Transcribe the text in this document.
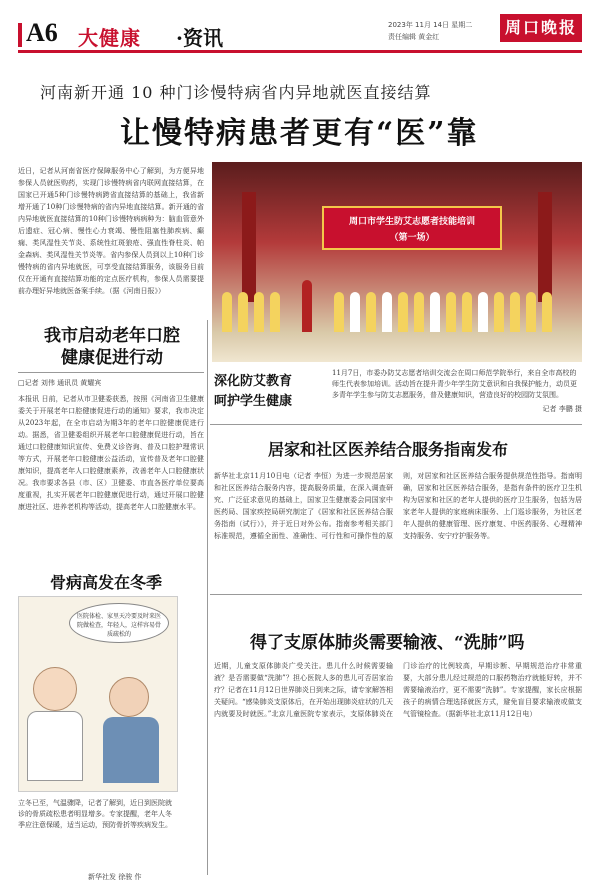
A6 大健康 ·资讯
2023年 11月 14日 星期二
责任编辑 黄金红	周口晚报
河南新开通 10 种门诊慢特病省内异地就医直接结算
让慢特病患者更有“医”靠
近日，记者从河南省医疗保障服务中心了解到，为方便异地参保人员就医购药，实现门诊慢特病省内联网直接结算，在国家已开通5种门诊慢特病跨省直接结算的基础上，我省新增开通了10种门诊慢特病的省内异地直接结算。新开通的省内异地就医直接结算的10种门诊慢特病病种为：脑血管意外后遗症、冠心病、慢性心力衰竭、慢性阻塞性肺疾病、癫痫、类风湿性关节炎、系统性红斑狼疮、强直性脊柱炎、帕金森病、类风湿性关节炎等。省内参保人员到以上10种门诊慢特病的省内异地就医，可享受直接结算服务，该服务目前仅在开通有直接结算功能的定点医疗机构，参保人员需要提前办理好异地就医备案手续。（据《河南日报》）
周口市学生防艾志愿者技能培训
（第一场）
深化防艾教育
呵护学生健康
11月7日，市委办防艾志愿者培训交流会在周口师范学院举行，来自全市高校的师生代表参加培训。活动旨在提升青少年学生防艾意识和自我保护能力，动员更多青年学生参与防艾志愿服务，普及健康知识，营造良好的校园防艾氛围。
记者 李鹏 摄
我市启动老年口腔
健康促进行动
□记者 刘伟 通讯员 黄耀宾
本报讯 日前，记者从市卫健委获悉，按照《河南省卫生健康委关于开展老年口腔健康促进行动的通知》要求，我市决定从2023年起，在全市启动为期3年的老年口腔健康促进行动。据悉，省卫健委组织开展老年口腔健康促进行动，旨在通过口腔健康知识宣传、免费义诊咨询、普及口腔护理常识等方式，开展老年口腔健康公益活动，宣传普及老年口腔健康知识，提高老年人口腔健康素养，改善老年人口腔健康状况。我市要求各县（市、区）卫健委、市直各医疗单位要高度重视，扎实开展老年口腔健康促进行动，通过开展口腔健康进社区、进养老机构等活动，提高老年人口腔健康水平。
居家和社区医养结合服务指南发布
新华社北京11月10日电（记者 李恒）为进一步规范居家和社区医养结合服务内容，提高服务质量，在深入调查研究、广泛征求意见的基础上，国家卫生健康委会同国家中医药局、国家疾控局研究制定了《居家和社区医养结合服务指南（试行）》，并于近日对外公布。指南参考相关部门标准规范，遵循全面性、准确性、可行性和可操作性的原则，对居家和社区医养结合服务提供规范性指导。指南明确，居家和社区医养结合服务，是指有条件的医疗卫生机构为居家和社区的老年人提供的医疗卫生服务，包括为居家老年人提供的家庭病床服务、上门巡诊服务，为社区老年人提供的健康管理、医疗康复、中医药服务、心理精神支持服务、安宁疗护服务等。
骨病高发在冬季
医院体检、家里天冷要及时来医院做检查，年轻人，这样容易骨质疏松的
立冬已至，气温骤降，记者了解到，近日到医院就诊的骨质疏松患者明显增多。专家提醒，老年人冬季应注意保暖，适当运动，预防骨折等疾病发生。
新华社发 徐骏 作
得了支原体肺炎需要输液、“洗肺”吗
近期，儿童支原体肺炎广受关注。患儿什么时候需要输液？是否需要做“洗肺”？担心医院人多的患儿可否居家治疗？记者在11月12日世界肺炎日到来之际，请专家解答相关疑问。“感染肺炎支原体后，在开始出现肺炎症状的几天内就要及时就医。”北京儿童医院专家表示，支原体肺炎在门诊治疗的比例较高，早期诊断、早期规范治疗非常重要，大部分患儿经过规范的口服药物治疗就能好转，并不需要输液治疗，更不需要“洗肺”。专家提醒，家长应根据孩子的病情合理选择就医方式，避免盲目要求输液或做支气管镜检查。（据新华社北京11月12日电）
